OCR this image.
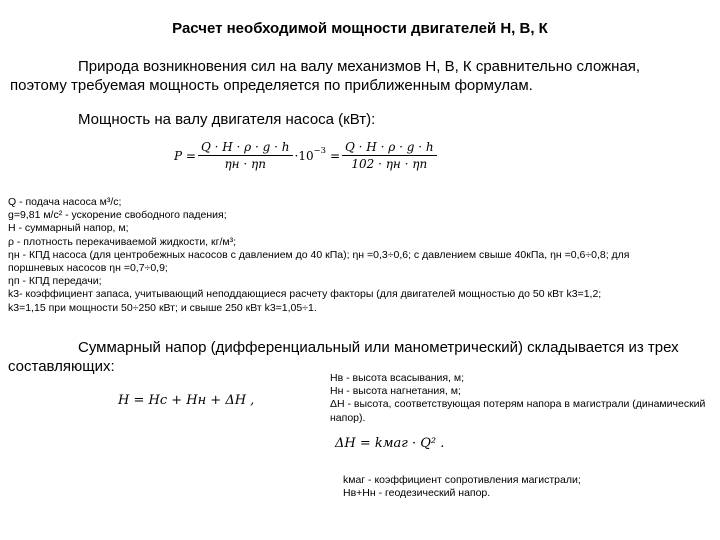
Расчет необходимой мощности двигателей Н, В, К
Природа возникновения сил на валу механизмов Н, В, К сравнительно сложная, поэтому требуемая мощность определяется по приближенным формулам.
Мощность на валу двигателя насоса (кВт):
$P = \frac{Q \cdot H \cdot \rho \cdot g \cdot h}{\eta н \cdot \eta п} \cdot 10^{-3} = \frac{Q \cdot H \cdot \rho \cdot g \cdot h}{102 \cdot \eta н \cdot \eta п}$
Q - подача насоса м³/с;
g=9,81 м/с² - ускорение свободного падения;
H - суммарный напор, м;
ρ - плотность перекачиваемой жидкости, кг/м³;
ηн - КПД насоса (для центробежных насосов с давлением до 40 кПа); ηн =0,3÷0,6; с давлением свыше 40кПа, ηн =0,6÷0,8; для
поршневых насосов ηн =0,7÷0,9;
ηп - КПД передачи;
k3- коэффициент запаса, учитывающий неподдающиеся расчету факторы (для двигателей мощностью до 50 кВт k3=1,2;
k3=1,15 при мощности 50÷250 кВт; и свыше 250 кВт k3=1,05÷1.
Суммарный напор (дифференциальный или манометрический) складывается из трех составляющих:
H = Hc + Hн + ΔH ,
Нв - высота всасывания, м;
Нн - высота нагнетания, м;
ΔН - высота, соответствующая потерям напора в магистрали (динамический напор).
ΔH = kмаг · Q² .
kмаг - коэффициент сопротивления магистрали;
Нв+Нн - геодезический напор.
